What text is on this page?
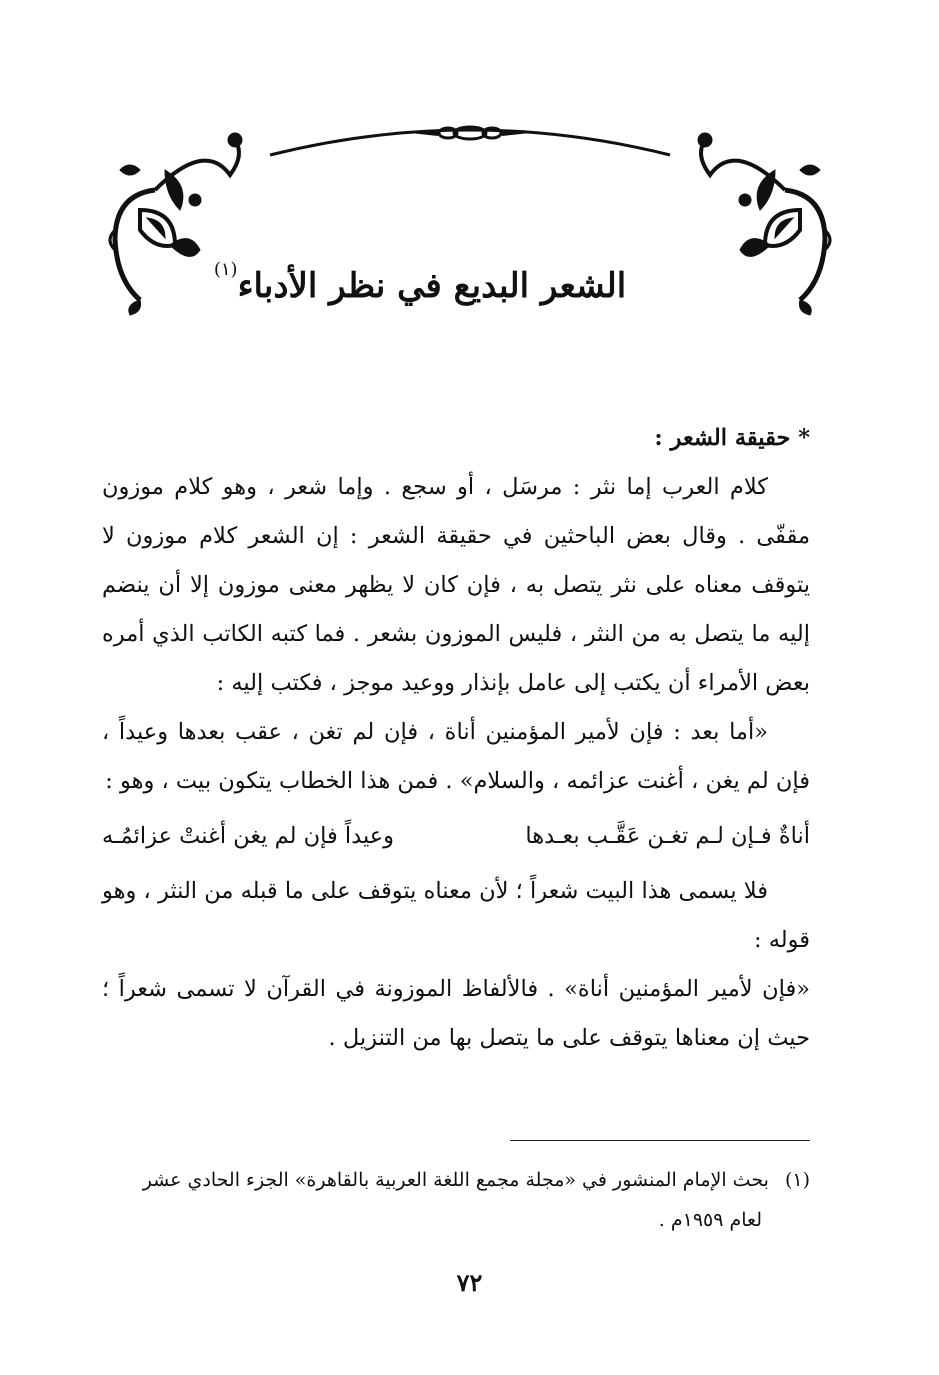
الشعر البديع في نظر الأدباء$^{(١)}$

* حقيقة الشعر :

كلام العرب إما نثر : مرسَل ، أو سجع . وإما شعر ، وهو كلام موزون مقفّى . وقال بعض الباحثين في حقيقة الشعر : إن الشعر كلام موزون لا يتوقف معناه على نثر يتصل به ، فإن كان لا يظهر معنى موزون إلا أن ينضم إليه ما يتصل به من النثر ، فليس الموزون بشعر . فما كتبه الكاتب الذي أمره بعض الأمراء أن يكتب إلى عامل بإنذار ووعيد موجز ، فكتب إليه :

«أما بعد : فإن لأمير المؤمنين أناة ، فإن لم تغن ، عقب بعدها وعيداً ، فإن لم يغن ، أغنت عزائمه ، والسلام» . فمن هذا الخطاب يتكون بيت ، وهو :

أناةٌ فـإن لـم تغـن عَقَّـب بعـدها
وعيداً فإن لم يغن أغنتْ عزائمُـه

فلا يسمى هذا البيت شعراً ؛ لأن معناه يتوقف على ما قبله من النثر ، وهو قوله :

«فإن لأمير المؤمنين أناة» . فالألفاظ الموزونة في القرآن لا تسمى شعراً ؛ حيث إن معناها يتوقف على ما يتصل بها من التنزيل .

(١) بحث الإمام المنشور في «مجلة مجمع اللغة العربية بالقاهرة» الجزء الحادي عشر

لعام ١٩٥٩م .

٧٢
